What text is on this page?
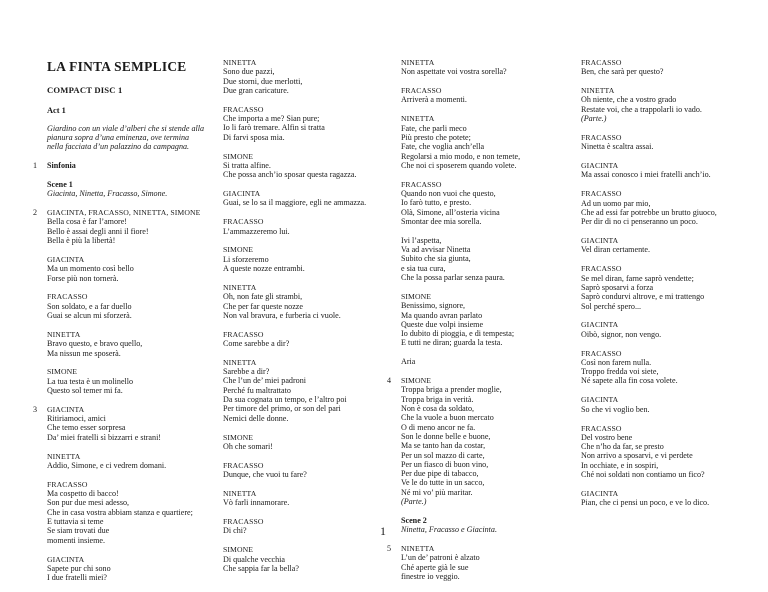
LA FINTA SEMPLICE
COMPACT DISC 1
Act 1
Giardino con un viale d’alberi che si stende alla
pianura sopra d’una eminenza, ove termina
nella facciata d’un palazzino da campagna.
1 Sinfonia
Scene 1
Giacinta, Ninetta, Fracasso, Simone.
2 GIACINTA, FRACASSO, NINETTA, SIMONE
Bella cosa è far l’amore!
Bello è assai degli anni il fiore!
Bella è più la libertà!
GIACINTA
Ma un momento così bello
Forse più non tornerà.
FRACASSO
Son soldato, e a far duello
Guai se alcun mi sforzerà.
NINETTA
Bravo questo, e bravo quello,
Ma nissun me sposerà.
SIMONE
La tua testa è un molinello
Questo sol temer mi fa.
3 GIACINTA
Ritiriamoci, amici
Che temo esser sorpresa
Da’ miei fratelli sì bizzarri e strani!
NINETTA
Addio, Simone, e ci vedrem domani.
FRACASSO
Ma cospetto di bacco!
Son pur due mesi adesso,
Che in casa vostra abbiam stanza e quartiere;
E tuttavia si teme
Se siam trovati due
momenti insieme.
GIACINTA
Sapete pur chi sono
I due fratelli miei?
NINETTA
Sono due pazzi,
Due storni, due merlotti,
Due gran caricature.
FRACASSO
Che importa a me? Sian pure;
Io li farò tremare. Alfin si tratta
Di farvi sposa mia.
SIMONE
Si tratta alfine.
Che possa anch’io sposar questa ragazza.
GIACINTA
Guai, se lo sa il maggiore, egli ne ammazza.
FRACASSO
L’ammazzeremo lui.
SIMONE
Li sforzeremo
A queste nozze entrambi.
NINETTA
Oh, non fate gli strambi,
Che per far queste nozze
Non val bravura, e furberia ci vuole.
FRACASSO
Come sarebbe a dir?
NINETTA
Sarebbe a dir?
Che l’un de’ miei padroni
Perché fu maltrattato
Da sua cognata un tempo, e l’altro poi
Per timore del primo, or son del pari
Nemici delle donne.
SIMONE
Oh che somari!
FRACASSO
Dunque, che vuoi tu fare?
NINETTA
Vò farli innamorare.
FRACASSO
Di chi?
SIMONE
Di qualche vecchia
Che sappia far la bella?
NINETTA
Non aspettate voi vostra sorella?
FRACASSO
Arriverà a momenti.
NINETTA
Fate, che parli meco
Più presto che potete;
Fate, che voglia anch’ella
Regolarsi a mio modo, e non temete,
Che noi ci sposerem quando volete.
FRACASSO
Quando non vuoi che questo,
Io farò tutto, e presto.
Olà, Simone, all’osteria vicina
Smontar dee mia sorella.
Ivi l’aspetta,
Va ad avvisar Ninetta
Subito che sia giunta,
e sia tua cura,
Che la possa parlar senza paura.
SIMONE
Benissimo, signore,
Ma quando avran parlato
Queste due volpi insieme
Io dubito di pioggia, e di tempesta;
E tutti ne diran; guarda la testa.
Aria
4 SIMONE
Troppa briga a prender moglie,
Troppa briga in verità.
Non è cosa da soldato,
Che la vuole a buon mercato
O di meno ancor ne fa.
Son le donne belle e buone,
Ma se tanto han da costar,
Per un sol mazzo di carte,
Per un fiasco di buon vino,
Per due pipe di tabacco,
Ve le do tutte in un sacco,
Né mi vo’ più maritar.
(Parte.)
Scene 2
Ninetta, Fracasso e Giacinta.
5 NINETTA
L’un de’ patroni è alzato
Ché aperte già le sue
finestre io veggio.
FRACASSO
Ben, che sarà per questo?
NINETTA
Oh niente, che a vostro grado
Restate voi, che a trappolarli io vado.
(Parte.)
FRACASSO
Ninetta è scaltra assai.
GIACINTA
Ma assai conosco i miei fratelli anch’io.
FRACASSO
Ad un uomo par mio,
Che ad essi far potrebbe un brutto giuoco,
Per dir di no ci penseranno un poco.
GIACINTA
Vel diran certamente.
FRACASSO
Se mel diran, farne saprò vendette;
Saprò sposarvi a forza
Saprò condurvi altrove, e mi trattengo
Sol perché spero...
GIACINTA
Oibò, signor, non vengo.
FRACASSO
Così non farem nulla.
Troppo fredda voi siete,
Né sapete alla fin cosa volete.
GIACINTA
So che vi voglio ben.
FRACASSO
Del vostro bene
Che n’ho da far, se presto
Non arrivo a sposarvi, e vi perdete
In occhiate, e in sospiri,
Ché noi soldati non contiamo un fico?
GIACINTA
Pian, che ci pensi un poco, e ve lo dico.
1
